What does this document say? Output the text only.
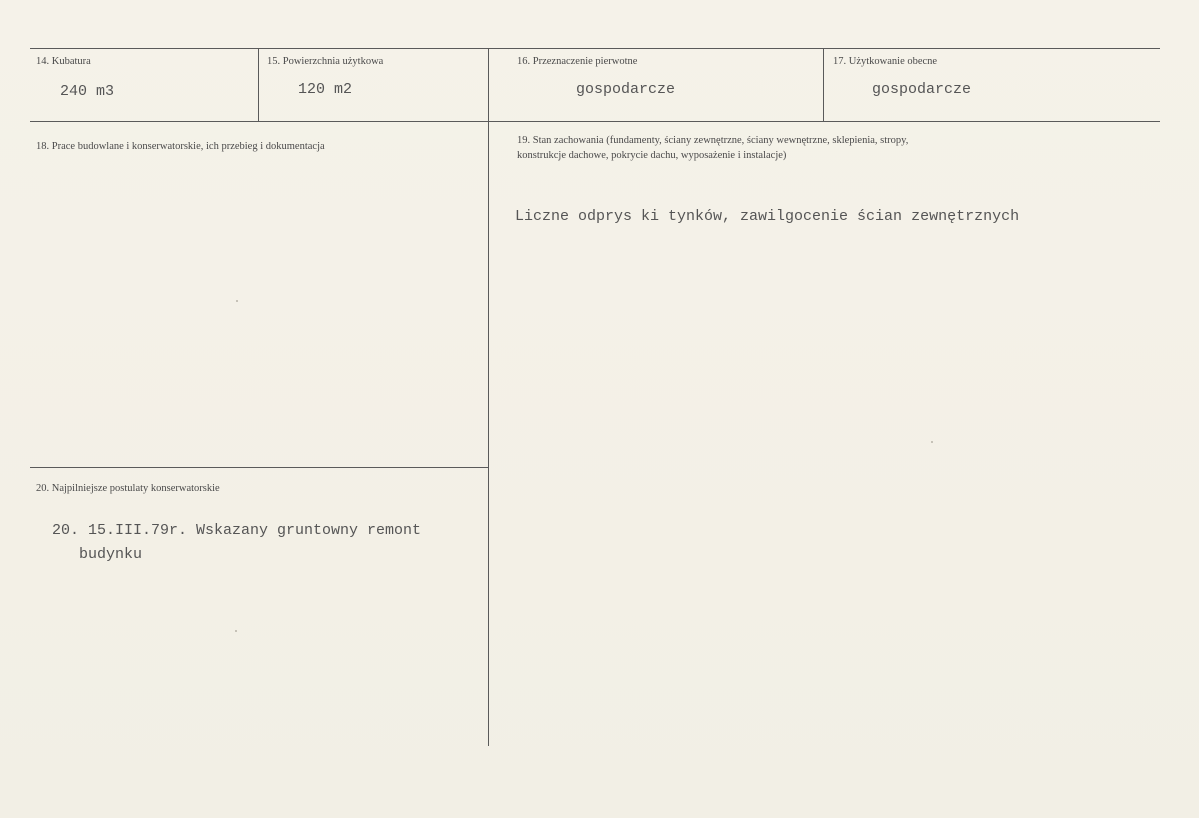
14. Kubatura
240 m3
15. Powierzchnia użytkowa
120 m2
16. Przeznaczenie pierwotne
gospodarcze
17. Użytkowanie obecne
gospodarcze
18. Prace budowlane i konserwatorskie, ich przebieg i dokumentacja
19. Stan zachowania (fundamenty, ściany zewnętrzne, ściany wewnętrzne, sklepienia, stropy,
konstrukcje dachowe, pokrycie dachu, wyposażenie i instalacje)
Liczne odprys ki tynków, zawilgocenie ścian zewnętrznych
20. Najpilniejsze postulaty konserwatorskie
20. 15.III.79r. Wskazany gruntowny remont
budynku
